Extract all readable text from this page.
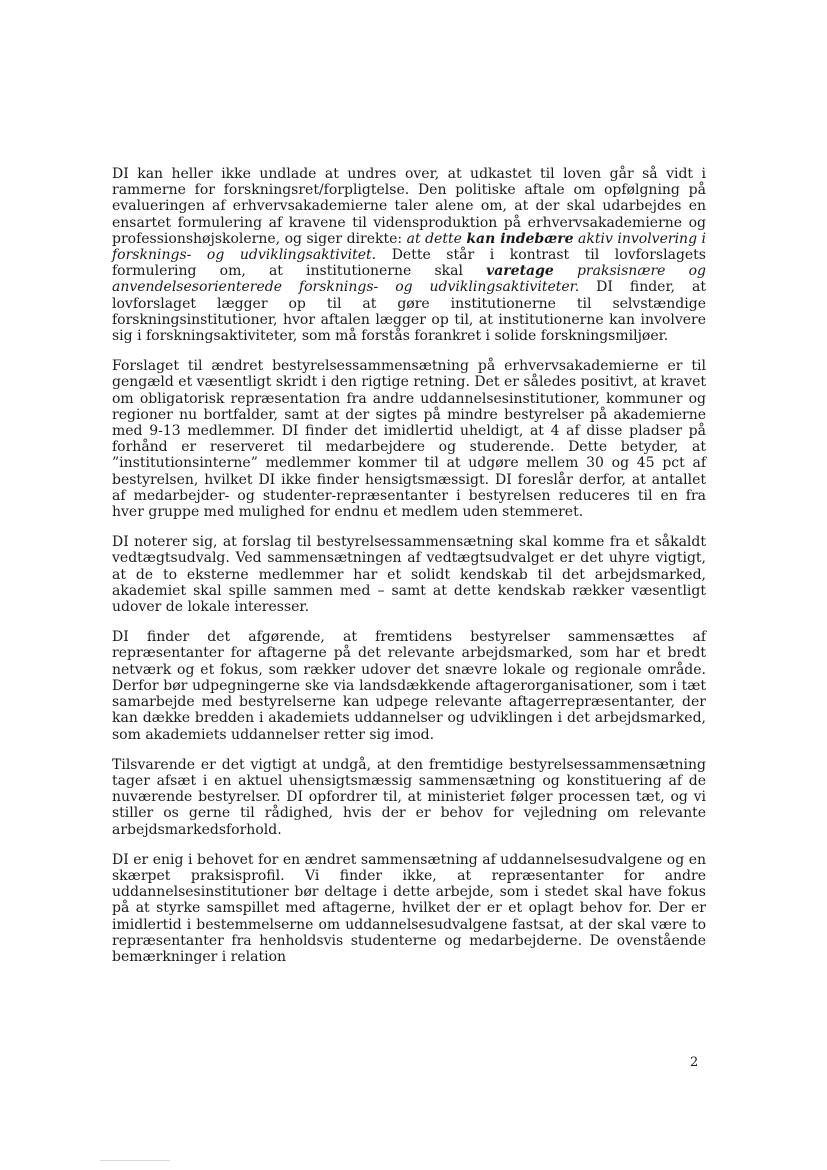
DI kan heller ikke undlade at undres over, at udkastet til loven går så vidt i rammerne for forskningsret/forpligtelse. Den politiske aftale om opfølgning på evalueringen af erhvervsakademierne taler alene om, at der skal udarbejdes en ensartet formulering af kravene til vidensproduktion på erhvervsakademierne og professionshøjskolerne, og siger direkte: at dette kan indebære aktiv involvering i forsknings- og udviklingsaktivitet. Dette står i kontrast til lovforslagets formulering om, at institutionerne skal varetage praksisnære og anvendelsesorienterede forsknings- og udviklingsaktiviteter. DI finder, at lovforslaget lægger op til at gøre institutionerne til selvstændige forskningsinstitutioner, hvor aftalen lægger op til, at institutionerne kan involvere sig i forskningsaktiviteter, som må forstås forankret i solide forskningsmiljøer.

Forslaget til ændret bestyrelsessammensætning på erhvervsakademierne er til gengæld et væsentligt skridt i den rigtige retning. Det er således positivt, at kravet om obligatorisk repræsentation fra andre uddannelsesinstitutioner, kommuner og regioner nu bortfalder, samt at der sigtes på mindre bestyrelser på akademierne med 9-13 medlemmer. DI finder det imidlertid uheldigt, at 4 af disse pladser på forhånd er reserveret til medarbejdere og studerende. Dette betyder, at ”institutionsinterne” medlemmer kommer til at udgøre mellem 30 og 45 pct af bestyrelsen, hvilket DI ikke finder hensigtsmæssigt. DI foreslår derfor, at antallet af medarbejder- og studenter-repræsentanter i bestyrelsen reduceres til en fra hver gruppe med mulighed for endnu et medlem uden stemmeret.

DI noterer sig, at forslag til bestyrelsessammensætning skal komme fra et såkaldt vedtægtsudvalg. Ved sammensætningen af vedtægtsudvalget er det uhyre vigtigt, at de to eksterne medlemmer har et solidt kendskab til det arbejdsmarked, akademiet skal spille sammen med – samt at dette kendskab rækker væsentligt udover de lokale interesser.

DI finder det afgørende, at fremtidens bestyrelser sammensættes af repræsentanter for aftagerne på det relevante arbejdsmarked, som har et bredt netværk og et fokus, som rækker udover det snævre lokale og regionale område. Derfor bør udpegningerne ske via landsdækkende aftagerorganisationer, som i tæt samarbejde med bestyrelserne kan udpege relevante aftagerrepræsentanter, der kan dække bredden i akademiets uddannelser og udviklingen i det arbejdsmarked, som akademiets uddannelser retter sig imod.

Tilsvarende er det vigtigt at undgå, at den fremtidige bestyrelsessammensætning tager afsæt i en aktuel uhensigtsmæssig sammensætning og konstituering af de nuværende bestyrelser. DI opfordrer til, at ministeriet følger processen tæt, og vi stiller os gerne til rådighed, hvis der er behov for vejledning om relevante arbejdsmarkedsforhold.

DI er enig i behovet for en ændret sammensætning af uddannelsesudvalgene og en skærpet praksisprofil. Vi finder ikke, at repræsentanter for andre uddannelsesinstitutioner bør deltage i dette arbejde, som i stedet skal have fokus på at styrke samspillet med aftagerne, hvilket der er et oplagt behov for. Der er imidlertid i bestemmelserne om uddannelsesudvalgene fastsat, at der skal være to repræsentanter fra henholdsvis studenterne og medarbejderne. De ovenstående bemærkninger i relation

2
